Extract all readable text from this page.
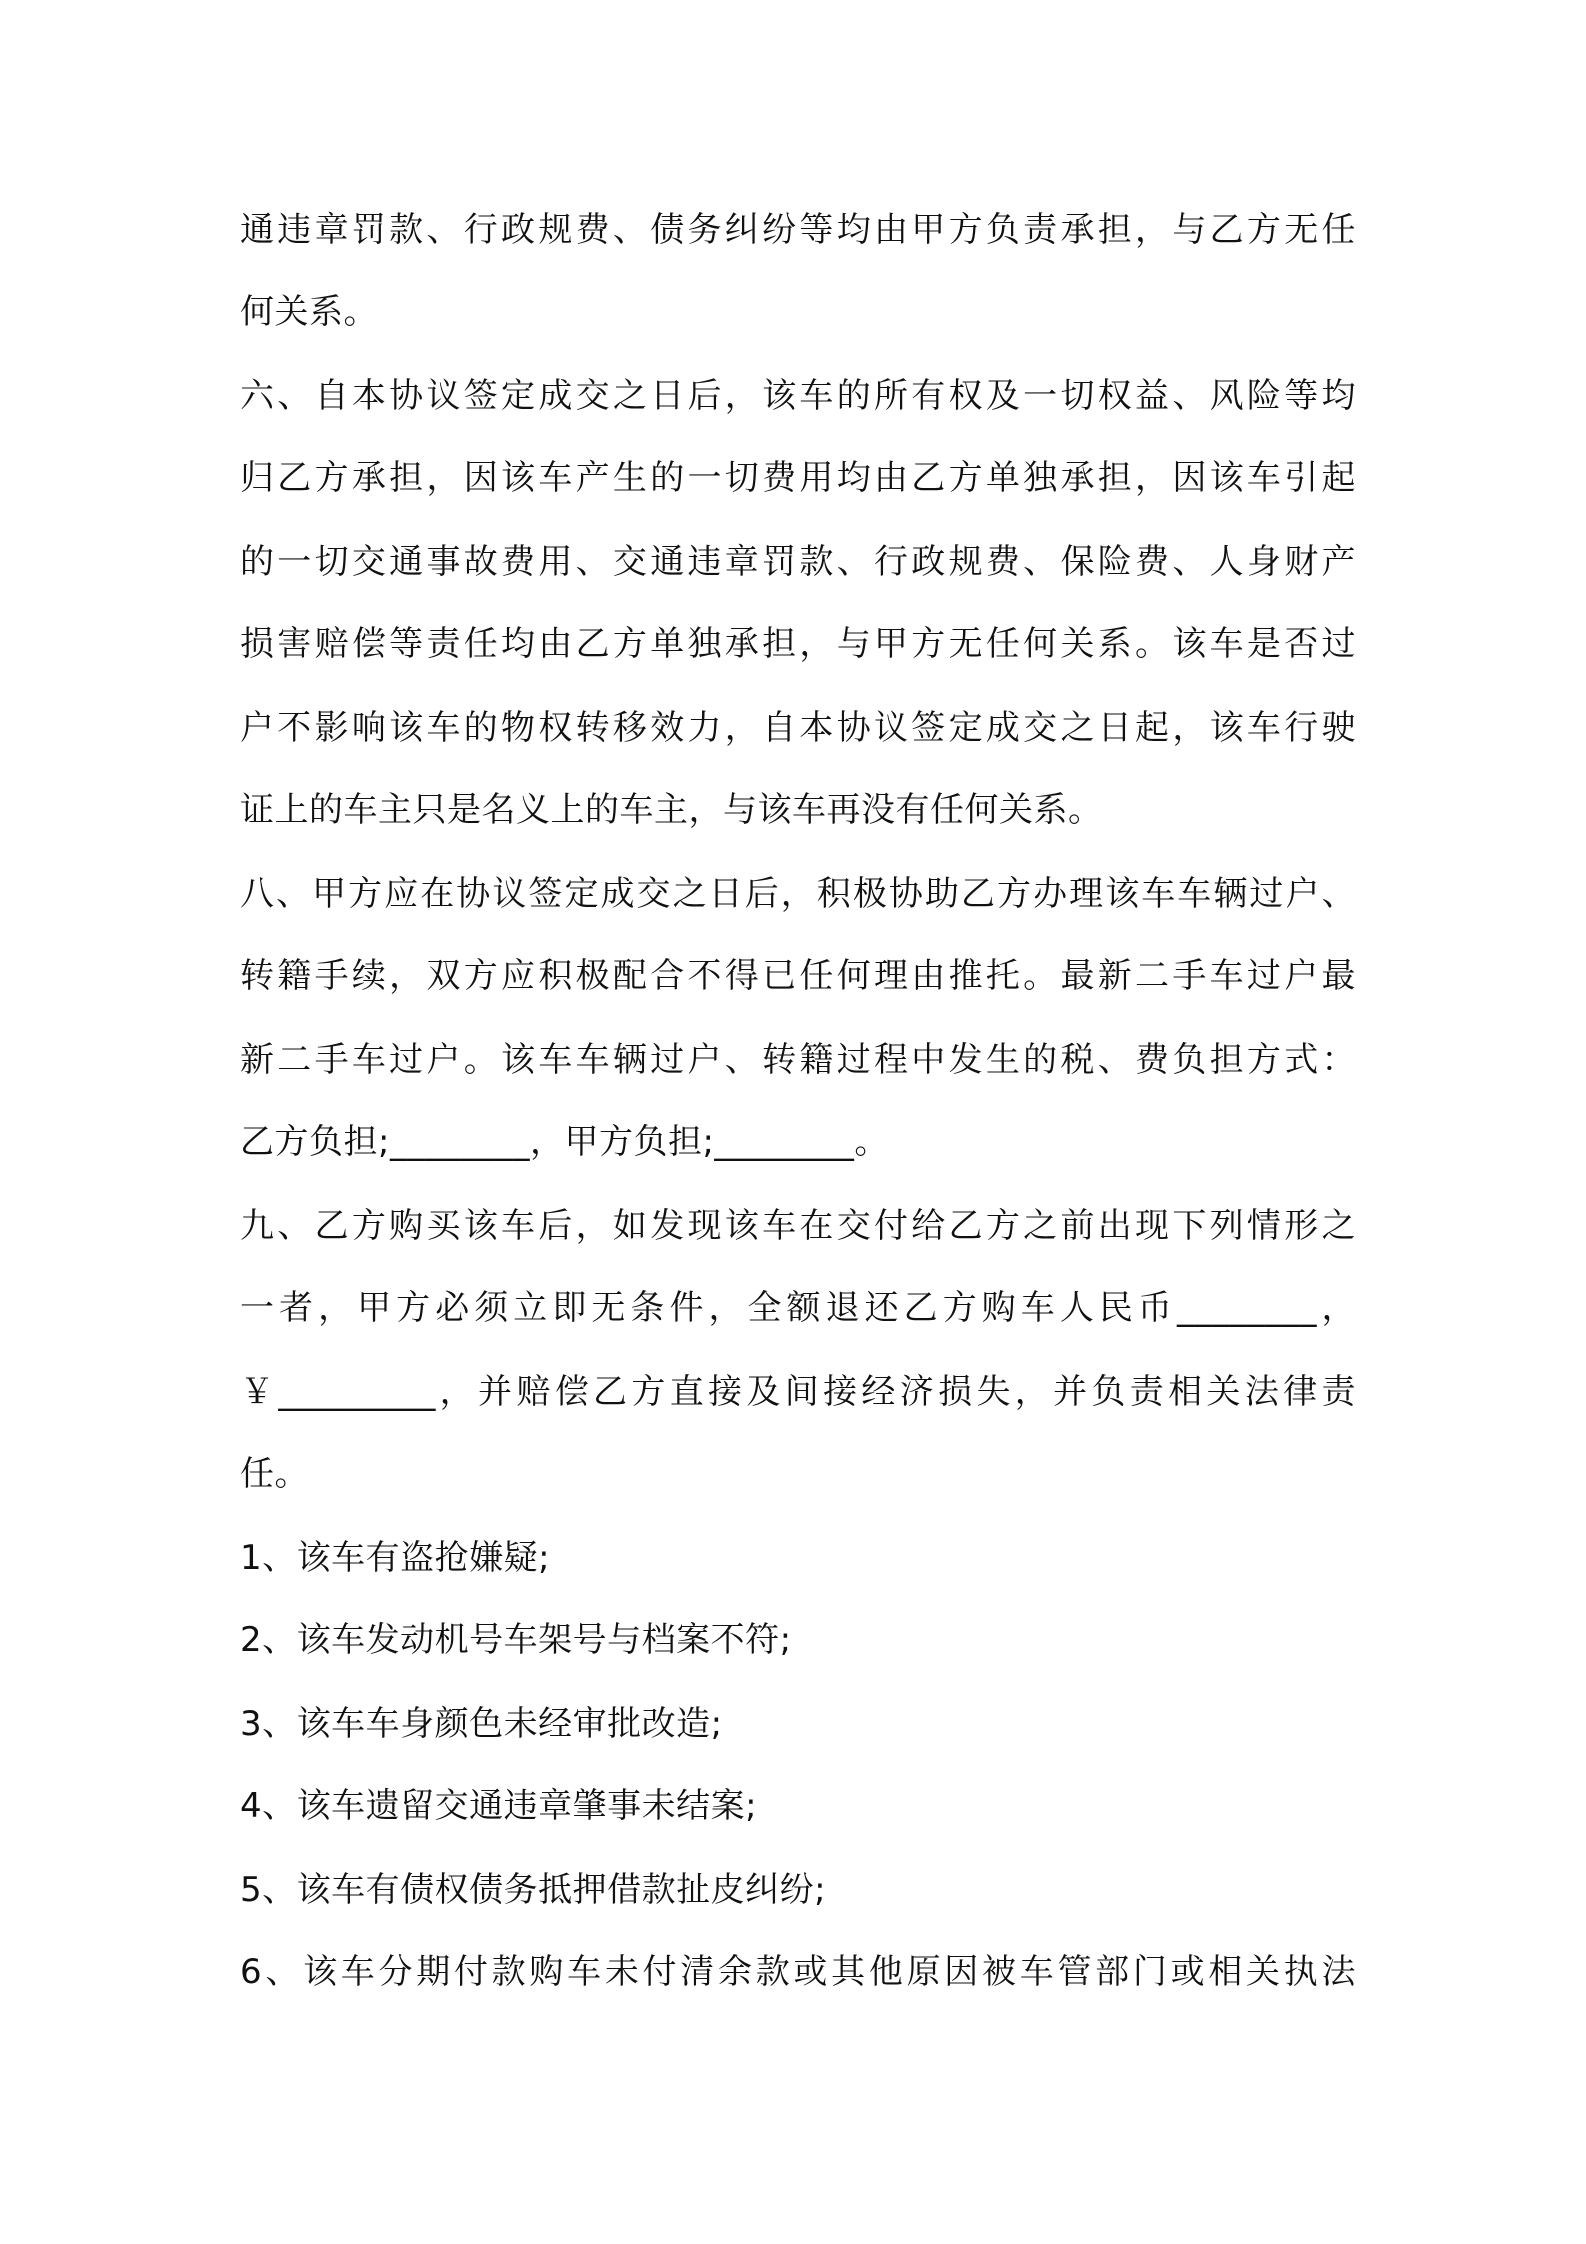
通违章罚款、行政规费、债务纠纷等均由甲方负责承担，与乙方无任
何关系。
六、自本协议签定成交之日后，该车的所有权及一切权益、风险等均
归乙方承担，因该车产生的一切费用均由乙方单独承担，因该车引起
的一切交通事故费用、交通违章罚款、行政规费、保险费、人身财产
损害赔偿等责任均由乙方单独承担，与甲方无任何关系。该车是否过
户不影响该车的物权转移效力，自本协议签定成交之日起，该车行驶
证上的车主只是名义上的车主，与该车再没有任何关系。
八、甲方应在协议签定成交之日后，积极协助乙方办理该车车辆过户、
转籍手续，双方应积极配合不得已任何理由推托。最新二手车过户最
新二手车过户。该车车辆过户、转籍过程中发生的税、费负担方式：
乙方负担;________，甲方负担;________。
九、乙方购买该车后，如发现该车在交付给乙方之前出现下列情形之
一者，甲方必须立即无条件，全额退还乙方购车人民币________，
￥_________，并赔偿乙方直接及间接经济损失，并负责相关法律责
任。
1、该车有盗抢嫌疑;
2、该车发动机号车架号与档案不符;
3、该车车身颜色未经审批改造;
4、该车遗留交通违章肇事未结案;
5、该车有债权债务抵押借款扯皮纠纷;
6、该车分期付款购车未付清余款或其他原因被车管部门或相关执法
